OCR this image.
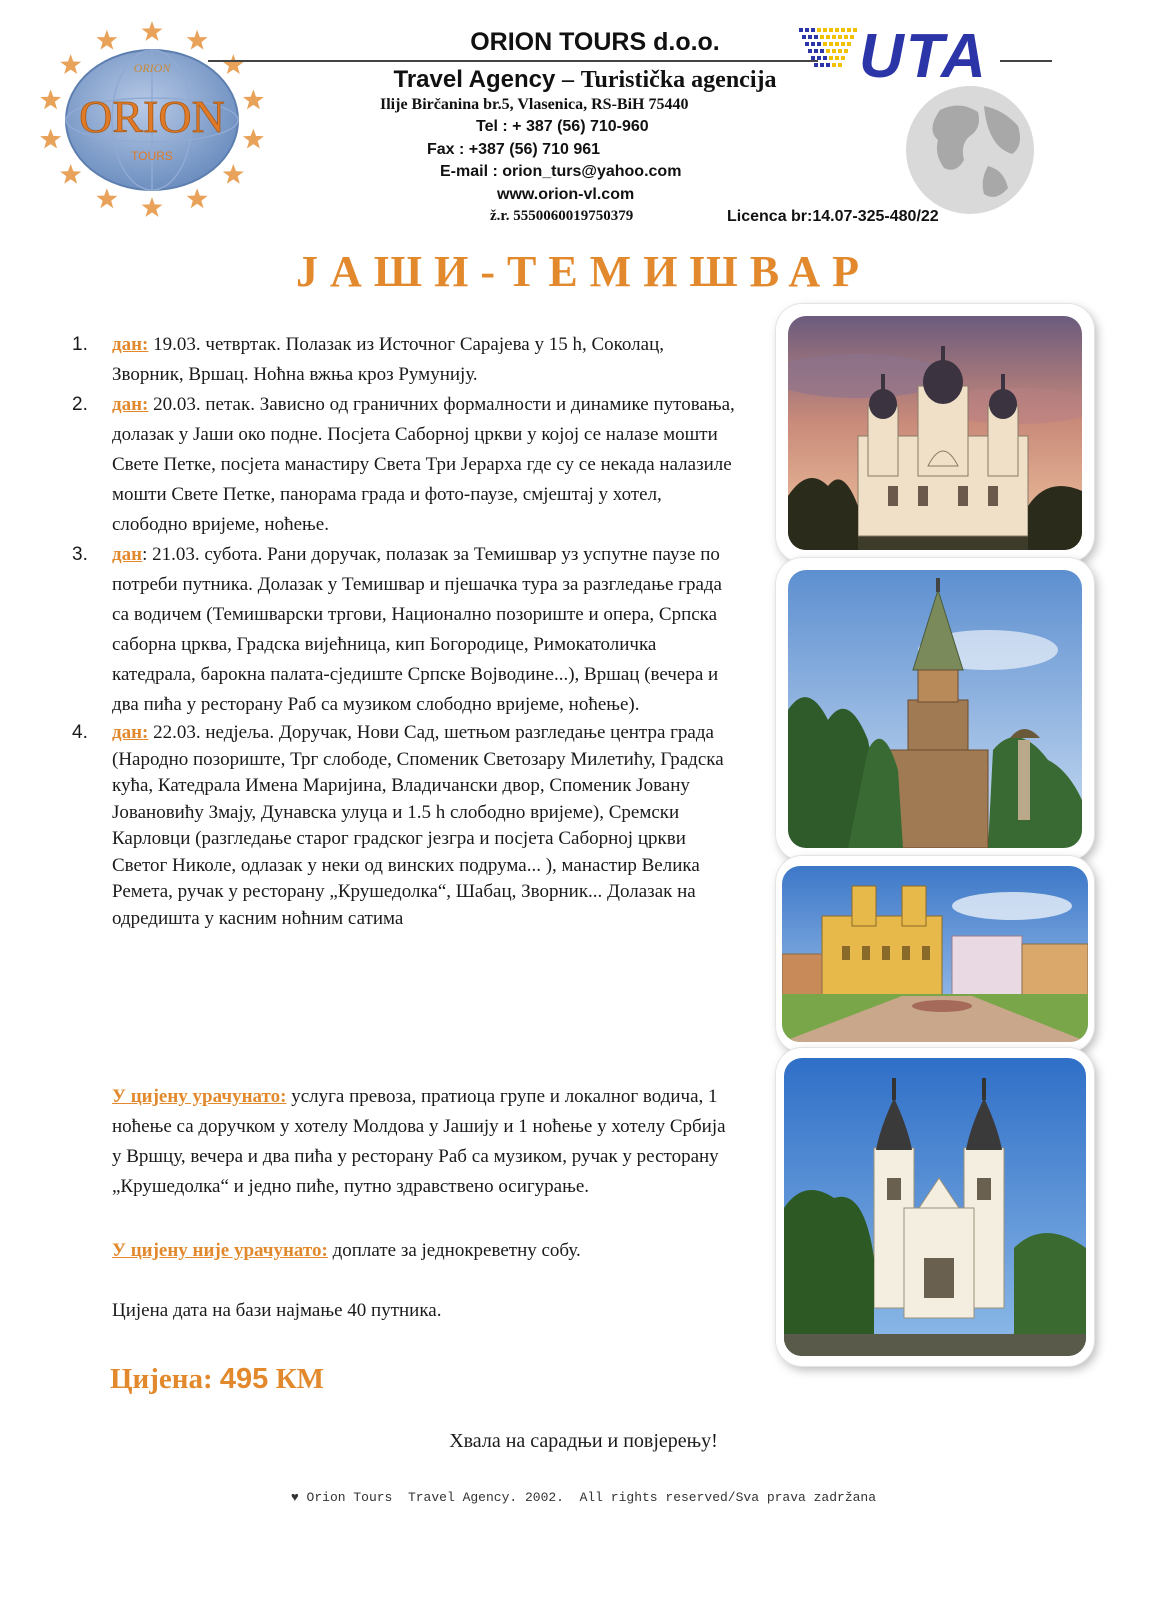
ORION
ORION
TOURS
ORION TOURS d.o.o.
Travel Agency – Turistička agencija
Ilije Birčanina br.5, Vlasenica, RS-BiH 75440
Tel : + 387 (56) 710-960
Fax : +387 (56) 710 961
E-mail : orion_turs@yahoo.com
www.orion-vl.com
ž.r. 5550060019750379	Licenca br:14.07-325-480/22
UTA
ЈАШИ-ТЕМИШВАР
1. дан: 19.03. четвртак. Полазак из Источног Сарајева у 15 h, Соколац, Зворник, Вршац. Ноћна вжња кроз Румунију.
2. дан: 20.03. петак. Зависно од граничних формалности и динамике путовања, долазак у Јаши око подне. Посјета Саборној цркви у којој се налазе мошти Свете Петке, посјета манастиру Света Три Јерарха где су се некада налазиле мошти Свете Петке, панорама града и фото-паузе, смјештај у хотел, слободно вријеме, ноћење.
3. дан: 21.03. субота. Рани доручак, полазак за Темишвар уз успутне паузе по потреби путника. Долазак у Темишвар и пјешачка тура за разгледање града са водичем (Темишварски тргови, Национално позориште и опера, Српска саборна црква, Градска вијећница, кип Богородице, Римокатоличка катедрала, барокна палата-сједиште Српске Војводине...), Вршац (вечера и два пића у ресторану Раб са музиком слободно вријеме, ноћење).
4. дан: 22.03. недјеља. Доручак, Нови Сад, шетњом разгледање центра града (Народно позориште, Трг слободе, Споменик Светозару Милетићу, Градска кућа, Катедрала Имена Маријина, Владичански двор, Споменик Јовану Јовановићу Змају, Дунавска улуца и 1.5 h слободно вријеме), Сремски Карловци (разгледање старог градског језгра и посјета Саборној цркви Светог Николе, одлазак у неки од винских подрума... ), манастир Велика Ремета, ручак у ресторану „Крушедолка“, Шабац, Зворник... Долазак на одредишта у касним ноћним сатима
У цијену урачунато: услуга превоза, пратиоца групе и локалног водича, 1 ноћење са доручком у хотелу Молдова у Јашију и 1 ноћење у хотелу Србија у Вршцу, вечера и два пића у ресторану Раб са музиком, ручак у ресторану „Крушедолка“ и једно пиће, путно здравствено осигурање.
У цијену није урачунато: доплате за једнокреветну собу.
Цијена дата на бази најмање 40 путника.
Цијена: 495 КМ
Хвала на сарадњи и повјерењу!
♥ Orion Tours  Travel Agency. 2002.  All rights reserved/Sva prava zadržana
